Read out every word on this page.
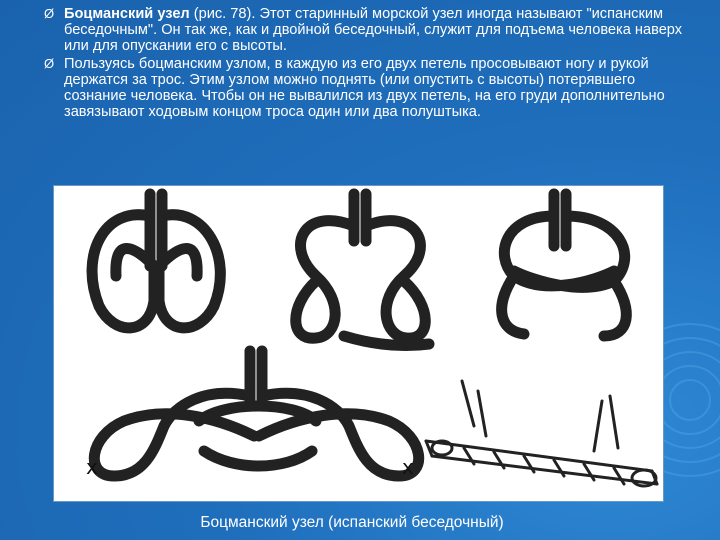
Ø Боцманский узел (рис. 78). Этот старинный морской узел иногда называют "испанским беседочным". Он так же, как и двойной беседочный, служит для подъема человека наверх или для опускании его с высоты.
Ø Пользуясь боцманским узлом, в каждую из его двух петель просовывают ногу и рукой держатся за трос. Этим узлом можно поднять (или опустить с высоты) потерявшего сознание человека. Чтобы он не вывалился из двух петель, на его груди дополнительно завязывают ходовым концом троса один или два полуштыка.
x	x
Боцманский узел (испанский беседочный)
